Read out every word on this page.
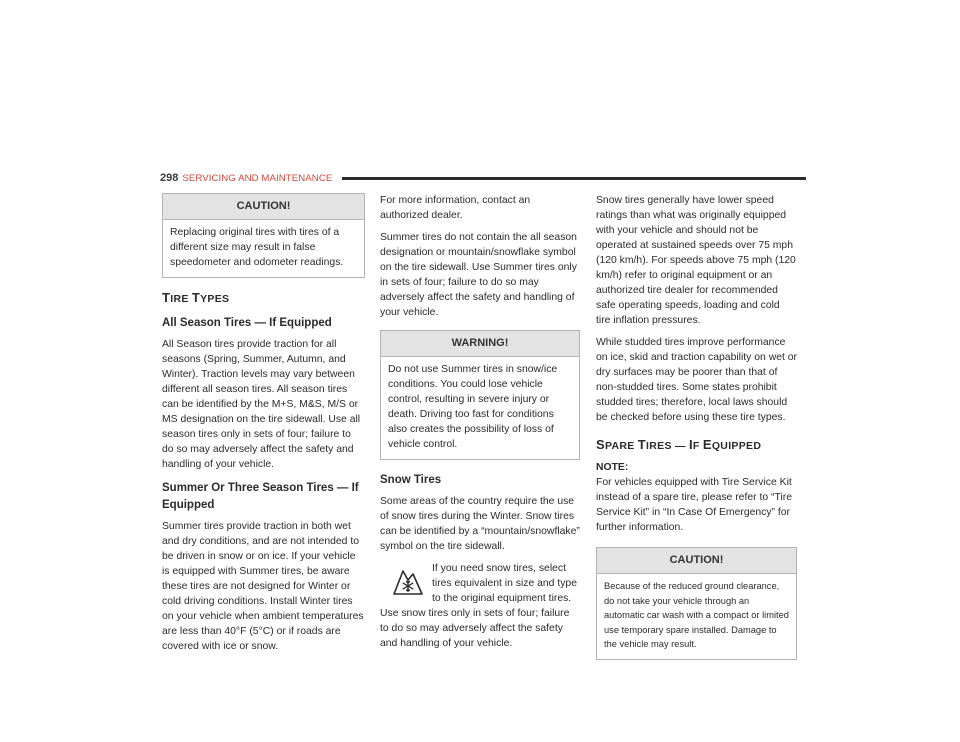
298 SERVICING AND MAINTENANCE
CAUTION!
Replacing original tires with tires of a different size may result in false speedometer and odometer readings.
TIRE TYPES
All Season Tires — If Equipped

All Season tires provide traction for all seasons (Spring, Summer, Autumn, and Winter). Traction levels may vary between different all season tires. All season tires can be identified by the M+S, M&S, M/S or MS designation on the tire sidewall. Use all season tires only in sets of four; failure to do so may adversely affect the safety and handling of your vehicle.

Summer Or Three Season Tires — If Equipped

Summer tires provide traction in both wet and dry conditions, and are not intended to be driven in snow or on ice. If your vehicle is equipped with Summer tires, be aware these tires are not designed for Winter or cold driving conditions. Install Winter tires on your vehicle when ambient temperatures are less than 40°F (5°C) or if roads are covered with ice or snow.

For more information, contact an authorized dealer.

Summer tires do not contain the all season designation or mountain/snowflake symbol on the tire sidewall. Use Summer tires only in sets of four; failure to do so may adversely affect the safety and handling of your vehicle.

WARNING!
Do not use Summer tires in snow/ice conditions. You could lose vehicle control, resulting in severe injury or death. Driving too fast for conditions also creates the possibility of loss of vehicle control.
Snow Tires

Some areas of the country require the use of snow tires during the Winter. Snow tires can be identified by a “mountain/snowflake” symbol on the tire sidewall.

If you need snow tires, select tires equivalent in size and type to the original equipment tires. Use snow tires only in sets of four; failure to do so may adversely affect the safety and handling of your vehicle.

Snow tires generally have lower speed ratings than what was originally equipped with your vehicle and should not be operated at sustained speeds over 75 mph (120 km/h). For speeds above 75 mph (120 km/h) refer to original equipment or an authorized tire dealer for recommended safe operating speeds, loading and cold tire inflation pressures.

While studded tires improve performance on ice, skid and traction capability on wet or dry surfaces may be poorer than that of non-studded tires. Some states prohibit studded tires; therefore, local laws should be checked before using these tire types.

SPARE TIRES — IF EQUIPPED
NOTE:

For vehicles equipped with Tire Service Kit instead of a spare tire, please refer to “Tire Service Kit” in “In Case Of Emergency” for further information.

CAUTION!
Because of the reduced ground clearance, do not take your vehicle through an automatic car wash with a compact or limited use temporary spare installed. Damage to the vehicle may result.
